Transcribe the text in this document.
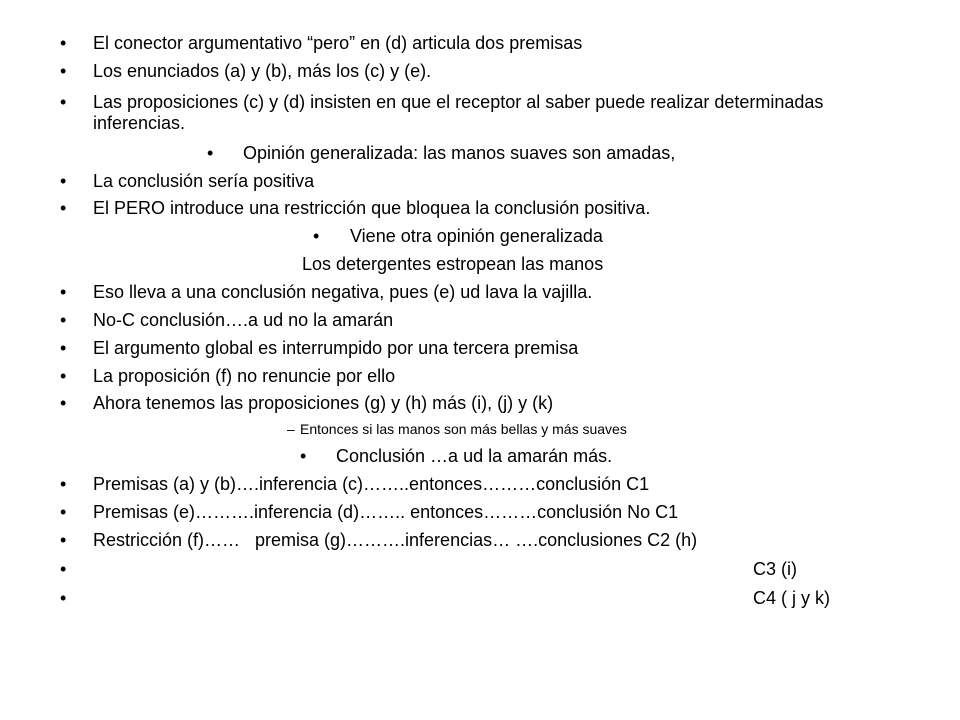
• El conector argumentativo “pero” en (d) articula dos premisas
• Los enunciados (a) y (b), más los (c) y (e).
• Las proposiciones (c) y (d) insisten en que el receptor al saber puede realizar determinadas inferencias.
• Opinión generalizada: las manos suaves son amadas,
• La conclusión sería positiva
• El PERO introduce una restricción que bloquea la conclusión positiva.
• Viene otra opinión generalizada
Los detergentes estropean las manos
• Eso lleva a una conclusión negativa, pues (e) ud lava la vajilla.
• No-C conclusión….a ud no la amarán
• El argumento global es interrumpido por una tercera premisa
• La proposición (f) no renuncie por ello
• Ahora tenemos las proposiciones (g) y (h) más (i), (j) y (k)
– Entonces si las manos son más bellas y más suaves
• Conclusión …a ud la amarán más.
• Premisas (a) y (b)….inferencia (c)……..entonces………conclusión C1
• Premisas (e)……….inferencia (d)…….. entonces………conclusión No C1
• Restricción (f)……   premisa (g)……….inferencias… ….conclusiones C2 (h)
•	C3 (i)
•	C4 ( j y k)
